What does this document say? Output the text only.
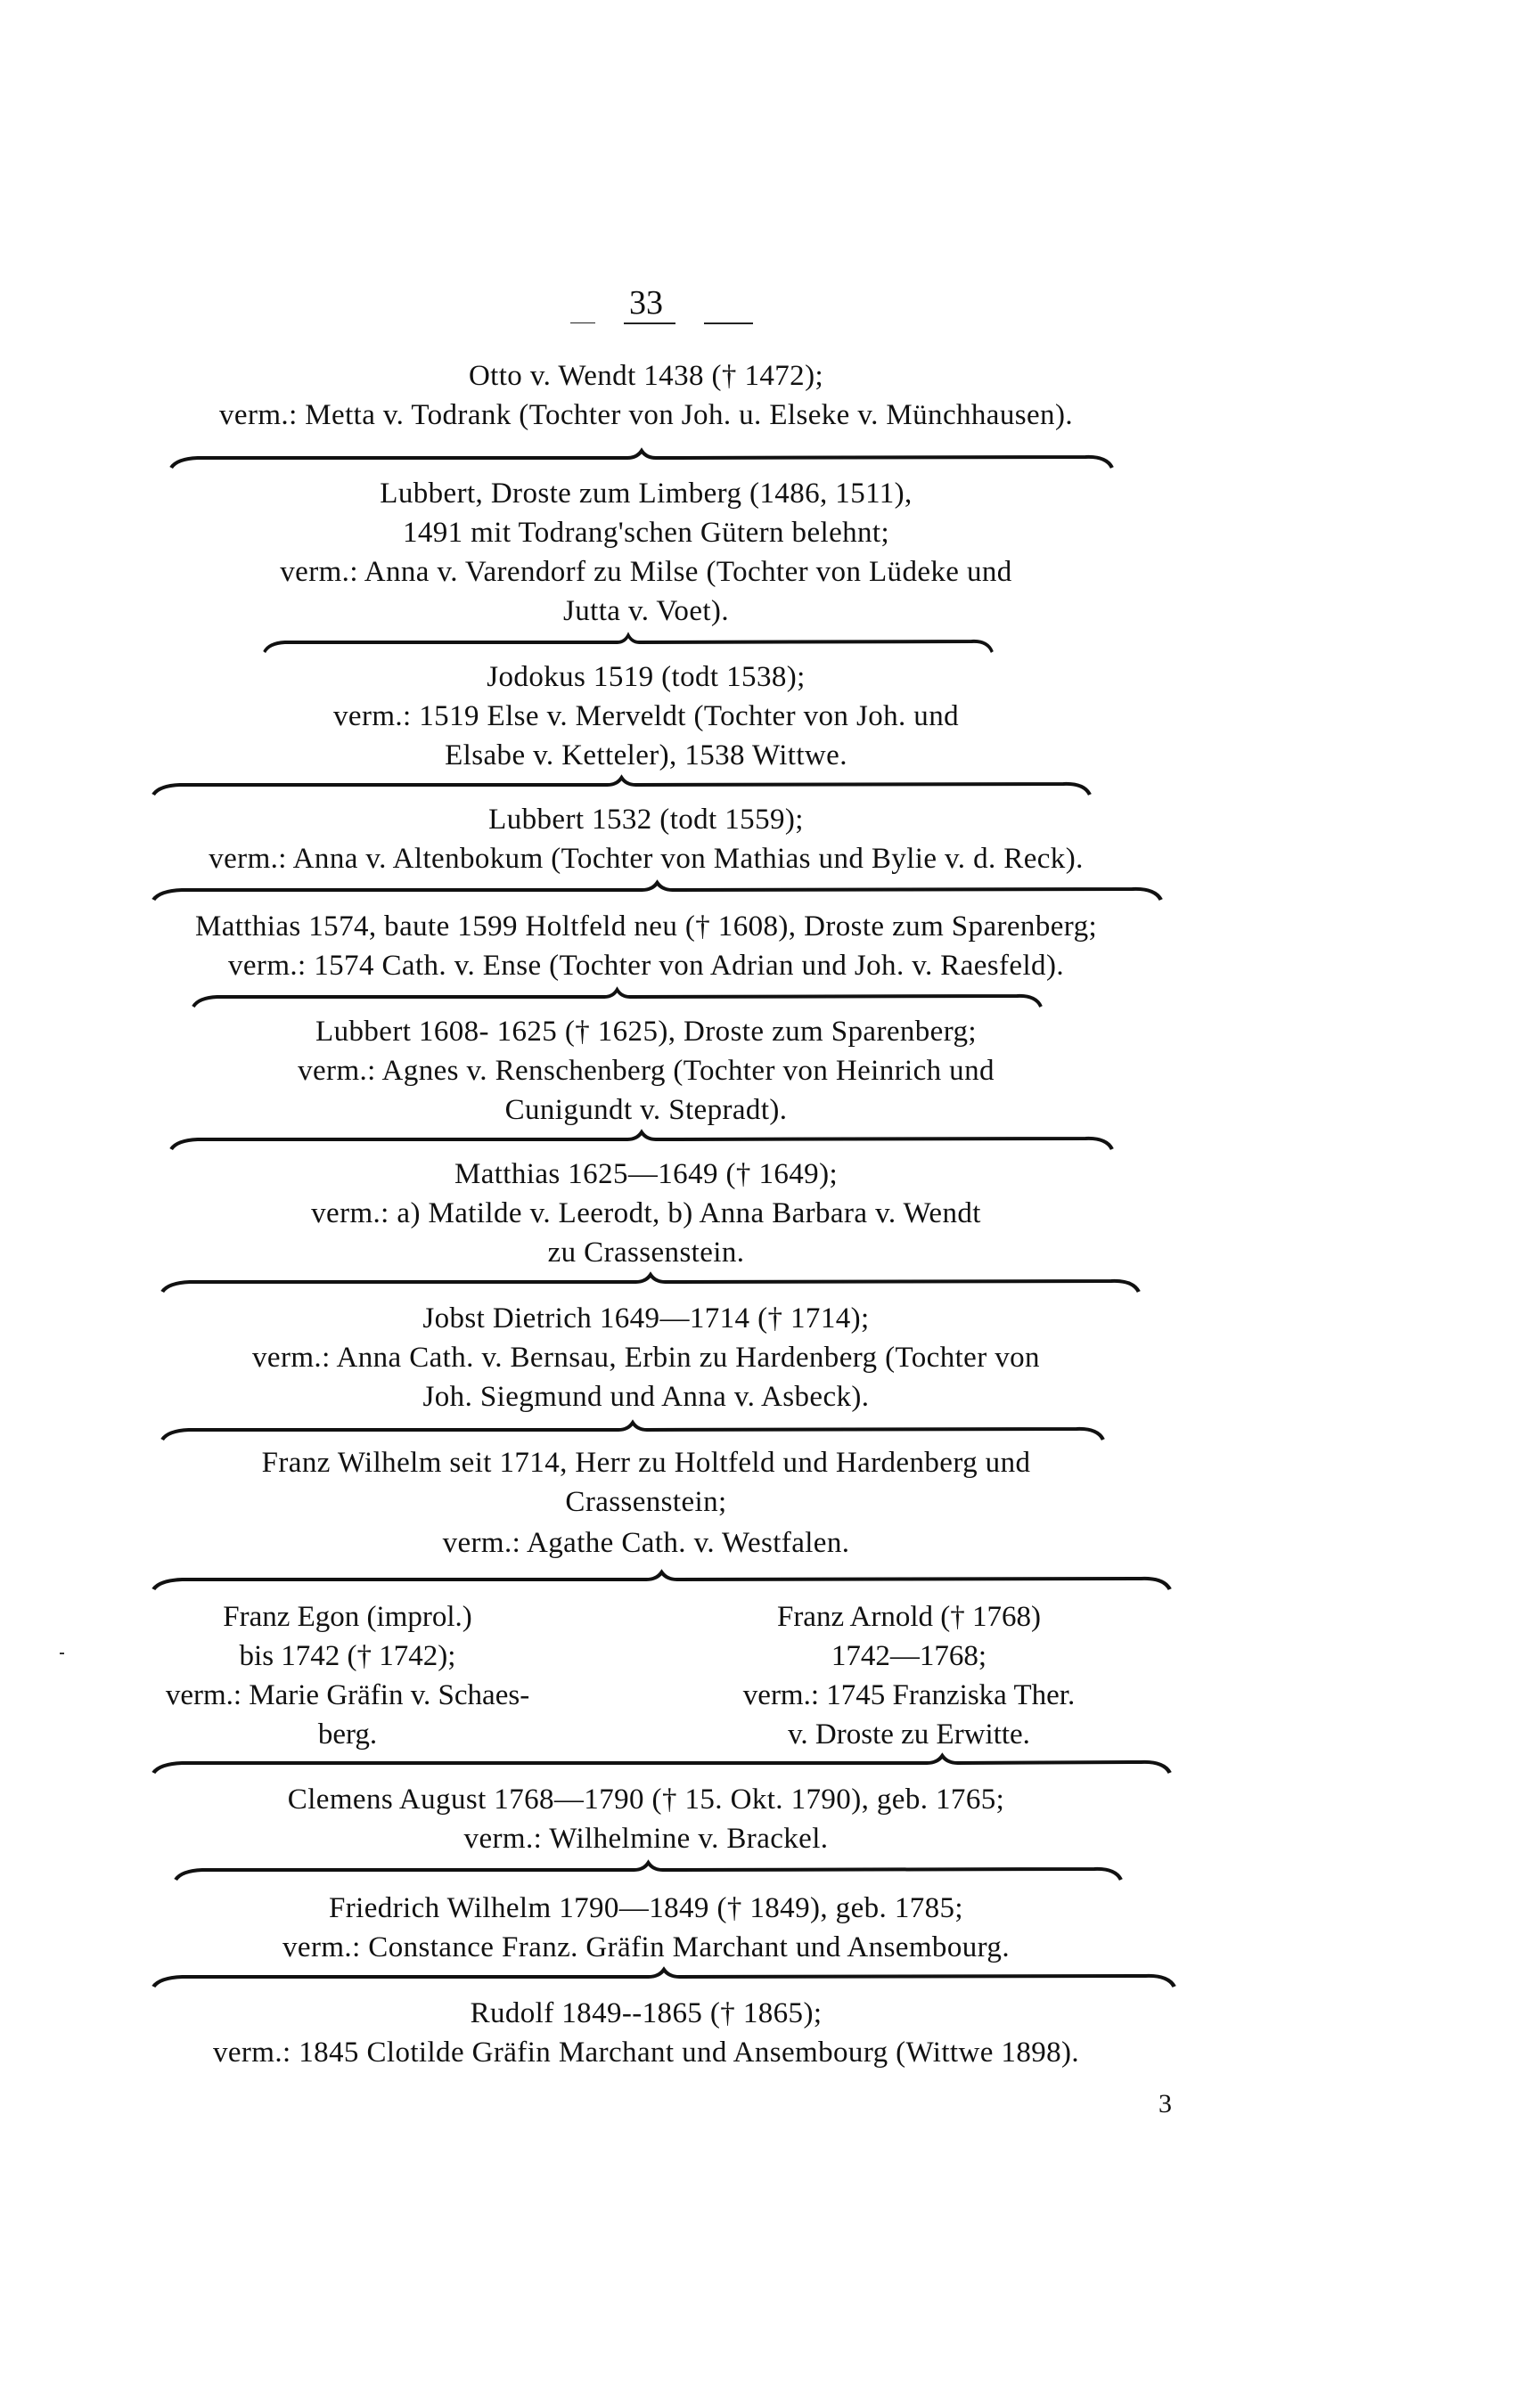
33
Otto v. Wendt 1438 († 1472);
verm.: Metta v. Todrank (Tochter von Joh. u. Elseke v. Münchhausen).
Lubbert, Droste zum Limberg (1486, 1511),
1491 mit Todrang'schen Gütern belehnt;
verm.: Anna v. Varendorf zu Milse (Tochter von Lüdeke und
Jutta v. Voet).
Jodokus 1519 (todt 1538);
verm.: 1519 Else v. Merveldt (Tochter von Joh. und
Elsabe v. Ketteler), 1538 Wittwe.
Lubbert 1532 (todt 1559);
verm.: Anna v. Altenbokum (Tochter von Mathias und Bylie v. d. Reck).
Matthias 1574, baute 1599 Holtfeld neu († 1608), Droste zum Sparenberg;
verm.: 1574 Cath. v. Ense (Tochter von Adrian und Joh. v. Raesfeld).
Lubbert 1608- 1625 († 1625), Droste zum Sparenberg;
verm.: Agnes v. Renschenberg (Tochter von Heinrich und
Cunigundt v. Stepradt).
Matthias 1625—1649 († 1649);
verm.: a) Matilde v. Leerodt, b) Anna Barbara v. Wendt
zu Crassenstein.
Jobst Dietrich 1649—1714 († 1714);
verm.: Anna Cath. v. Bernsau, Erbin zu Hardenberg (Tochter von
Joh. Siegmund und Anna v. Asbeck).
Franz Wilhelm seit 1714, Herr zu Holtfeld und Hardenberg und
Crassenstein;
verm.: Agathe Cath. v. Westfalen.
Franz Egon (improl.)
bis 1742 († 1742);
verm.: Marie Gräfin v. Schaes-
berg.
Franz Arnold († 1768)
1742—1768;
verm.: 1745 Franziska Ther.
v. Droste zu Erwitte.
Clemens August 1768—1790 († 15. Okt. 1790), geb. 1765;
verm.: Wilhelmine v. Brackel.
Friedrich Wilhelm 1790—1849 († 1849), geb. 1785;
verm.: Constance Franz. Gräfin Marchant und Ansembourg.
Rudolf 1849--1865 († 1865);
verm.: 1845 Clotilde Gräfin Marchant und Ansembourg (Wittwe 1898).
3
